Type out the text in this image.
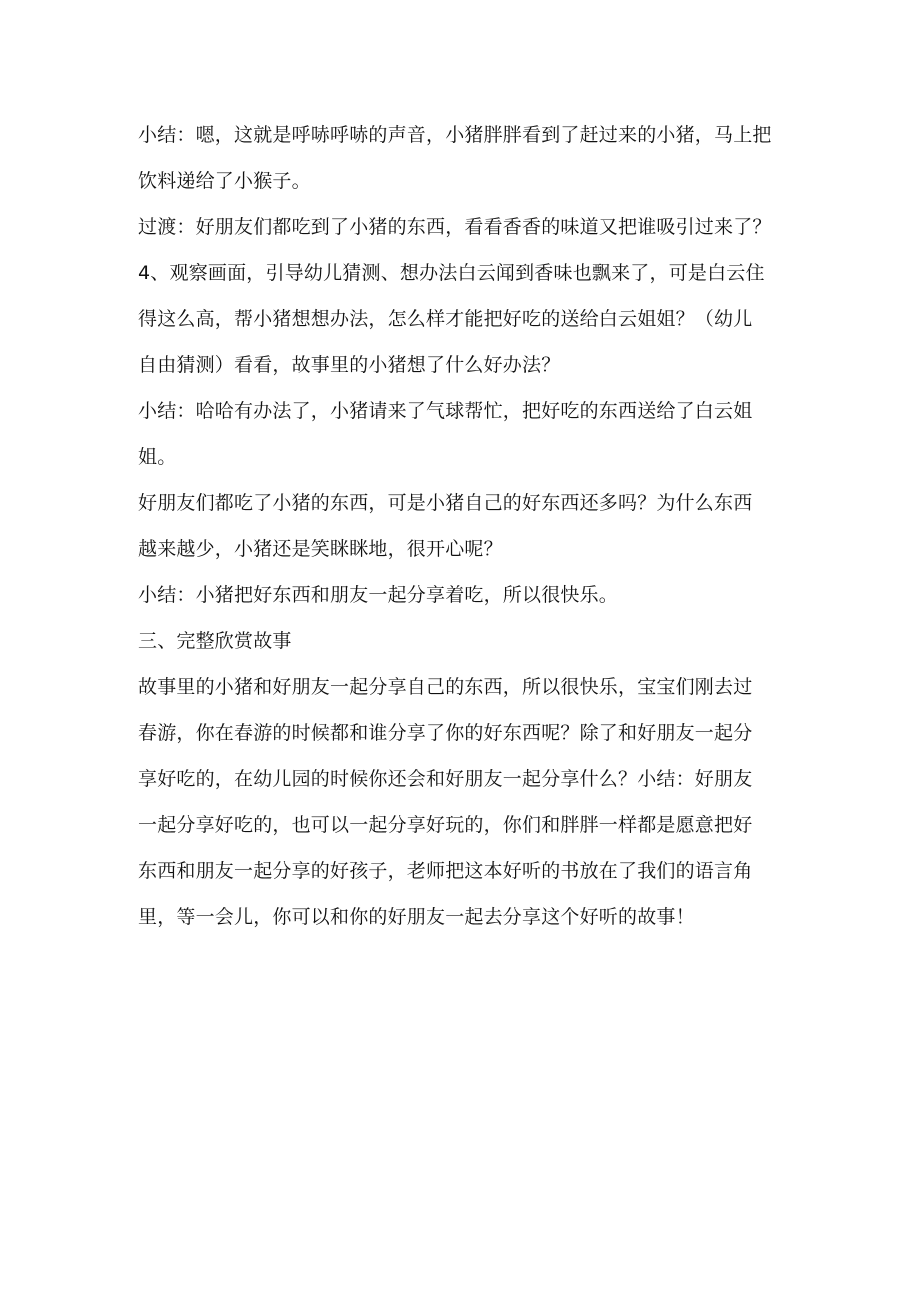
小结：嗯，这就是呼哧呼哧的声音，小猪胖胖看到了赶过来的小猪，马上把
饮料递给了小猴子。
过渡：好朋友们都吃到了小猪的东西，看看香香的味道又把谁吸引过来了？
4、观察画面，引导幼儿猜测、想办法白云闻到香味也飘来了，可是白云住
得这么高，帮小猪想想办法，怎么样才能把好吃的送给白云姐姐？（幼儿
自由猜测）看看，故事里的小猪想了什么好办法？
小结：哈哈有办法了，小猪请来了气球帮忙，把好吃的东西送给了白云姐
姐。
好朋友们都吃了小猪的东西，可是小猪自己的好东西还多吗？为什么东西
越来越少，小猪还是笑眯眯地，很开心呢？
小结：小猪把好东西和朋友一起分享着吃，所以很快乐。
三、完整欣赏故事
故事里的小猪和好朋友一起分享自己的东西，所以很快乐，宝宝们刚去过
春游，你在春游的时候都和谁分享了你的好东西呢？除了和好朋友一起分
享好吃的，在幼儿园的时候你还会和好朋友一起分享什么？小结：好朋友
一起分享好吃的，也可以一起分享好玩的，你们和胖胖一样都是愿意把好
东西和朋友一起分享的好孩子，老师把这本好听的书放在了我们的语言角
里，等一会儿，你可以和你的好朋友一起去分享这个好听的故事！
